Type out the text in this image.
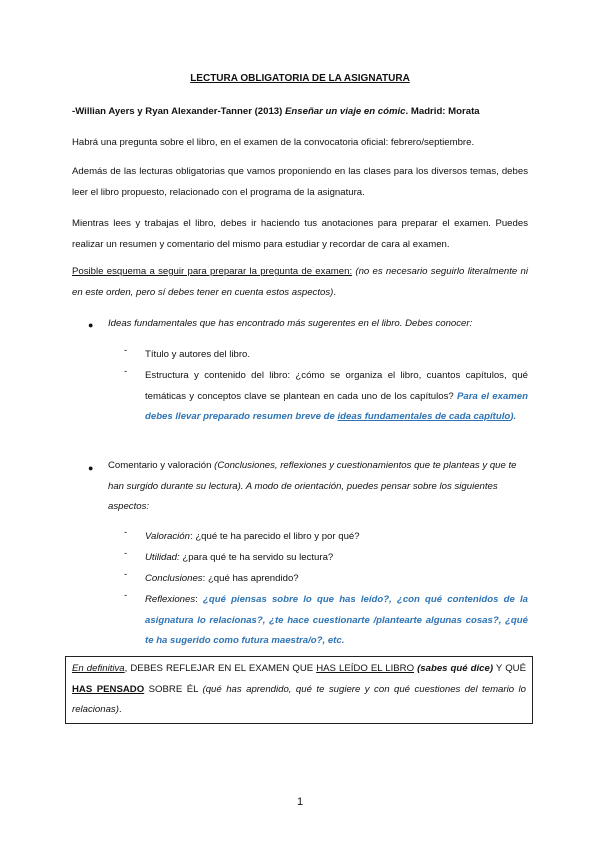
LECTURA OBLIGATORIA DE LA ASIGNATURA
-Willian Ayers y Ryan Alexander-Tanner (2013) Enseñar un viaje en cómic. Madrid: Morata
Habrá una pregunta sobre el libro, en el examen de la convocatoria oficial: febrero/septiembre.
Además de las lecturas obligatorias que vamos proponiendo en las clases para los diversos temas, debes leer el libro propuesto, relacionado con el programa de la asignatura.
Mientras lees y trabajas el libro, debes ir haciendo tus anotaciones para preparar el examen. Puedes realizar un resumen y comentario del mismo para estudiar y recordar de cara al examen.
Posible esquema a seguir para preparar la pregunta de examen: (no es necesario seguirlo literalmente ni en este orden, pero sí debes tener en cuenta estos aspectos).
● Ideas fundamentales que has encontrado más sugerentes en el libro. Debes conocer:
- Título y autores del libro.
- Estructura y contenido del libro: ¿cómo se organiza el libro, cuantos capítulos, qué temáticas y conceptos clave se plantean en cada uno de los capítulos? Para el examen debes llevar preparado resumen breve de ideas fundamentales de cada capítulo).
● Comentario y valoración (Conclusiones, reflexiones y cuestionamientos que te planteas y que te han surgido durante su lectura). A modo de orientación, puedes pensar sobre los siguientes aspectos:
- Valoración: ¿qué te ha parecido el libro y por qué?
- Utilidad: ¿para qué te ha servido su lectura?
- Conclusiones: ¿qué has aprendido?
- Reflexiones: ¿qué piensas sobre lo que has leído?, ¿con qué contenidos de la asignatura lo relacionas?, ¿te hace cuestionarte /plantearte algunas cosas?, ¿qué te ha sugerido como futura maestra/o?, etc.
En definitiva, DEBES REFLEJAR EN EL EXAMEN QUE HAS LEÍDO EL LIBRO (sabes qué dice) Y QUÉ HAS PENSADO SOBRE ÉL (qué has aprendido, qué te sugiere y con qué cuestiones del temario lo relacionas).
1
